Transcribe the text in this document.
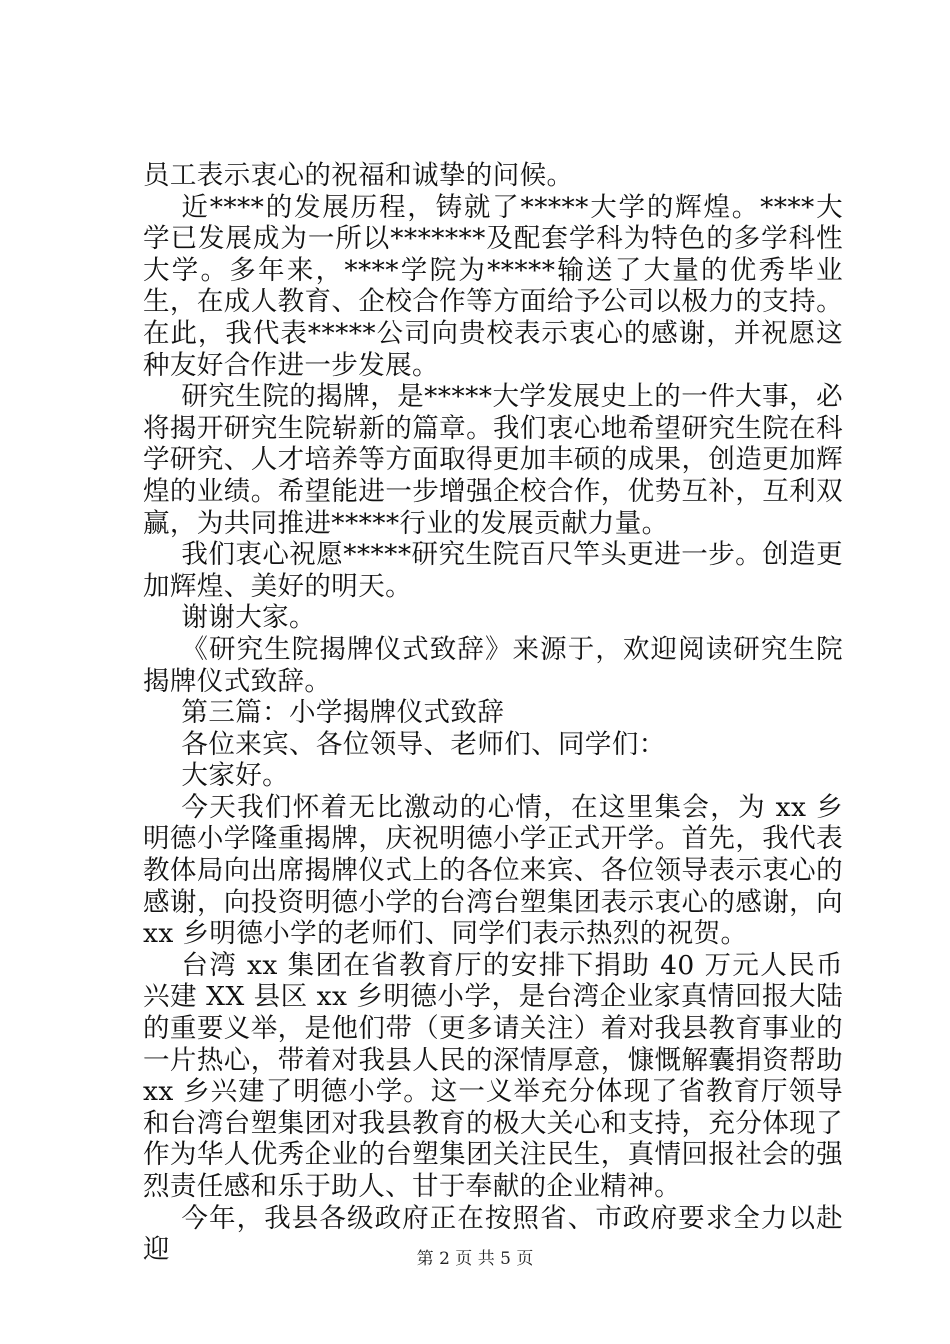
员工表示衷心的祝福和诚挚的问候。

近****的发展历程，铸就了*****大学的辉煌。****大学已发展成为一所以*******及配套学科为特色的多学科性大学。多年来，****学院为*****输送了大量的优秀毕业生，在成人教育、企校合作等方面给予公司以极力的支持。在此，我代表*****公司向贵校表示衷心的感谢，并祝愿这种友好合作进一步发展。

研究生院的揭牌，是*****大学发展史上的一件大事，必将揭开研究生院崭新的篇章。我们衷心地希望研究生院在科学研究、人才培养等方面取得更加丰硕的成果，创造更加辉煌的业绩。希望能进一步增强企校合作，优势互补，互利双赢，为共同推进*****行业的发展贡献力量。

我们衷心祝愿*****研究生院百尺竿头更进一步。创造更加辉煌、美好的明天。

谢谢大家。

《研究生院揭牌仪式致辞》来源于，欢迎阅读研究生院揭牌仪式致辞。

第三篇：小学揭牌仪式致辞

各位来宾、各位领导、老师们、同学们：

大家好。

今天我们怀着无比激动的心情，在这里集会，为 xx 乡明德小学隆重揭牌，庆祝明德小学正式开学。首先，我代表教体局向出席揭牌仪式上的各位来宾、各位领导表示衷心的感谢，向投资明德小学的台湾台塑集团表示衷心的感谢，向 xx 乡明德小学的老师们、同学们表示热烈的祝贺。

台湾 xx 集团在省教育厅的安排下捐助 40 万元人民币兴建 XX 县区 xx 乡明德小学，是台湾企业家真情回报大陆的重要义举，是他们带（更多请关注）着对我县教育事业的一片热心，带着对我县人民的深情厚意，慷慨解囊捐资帮助 xx 乡兴建了明德小学。这一义举充分体现了省教育厅领导和台湾台塑集团对我县教育的极大关心和支持，充分体现了作为华人优秀企业的台塑集团关注民生，真情回报社会的强烈责任感和乐于助人、甘于奉献的企业精神。

今年，我县各级政府正在按照省、市政府要求全力以赴迎	第 2 页 共 5 页
